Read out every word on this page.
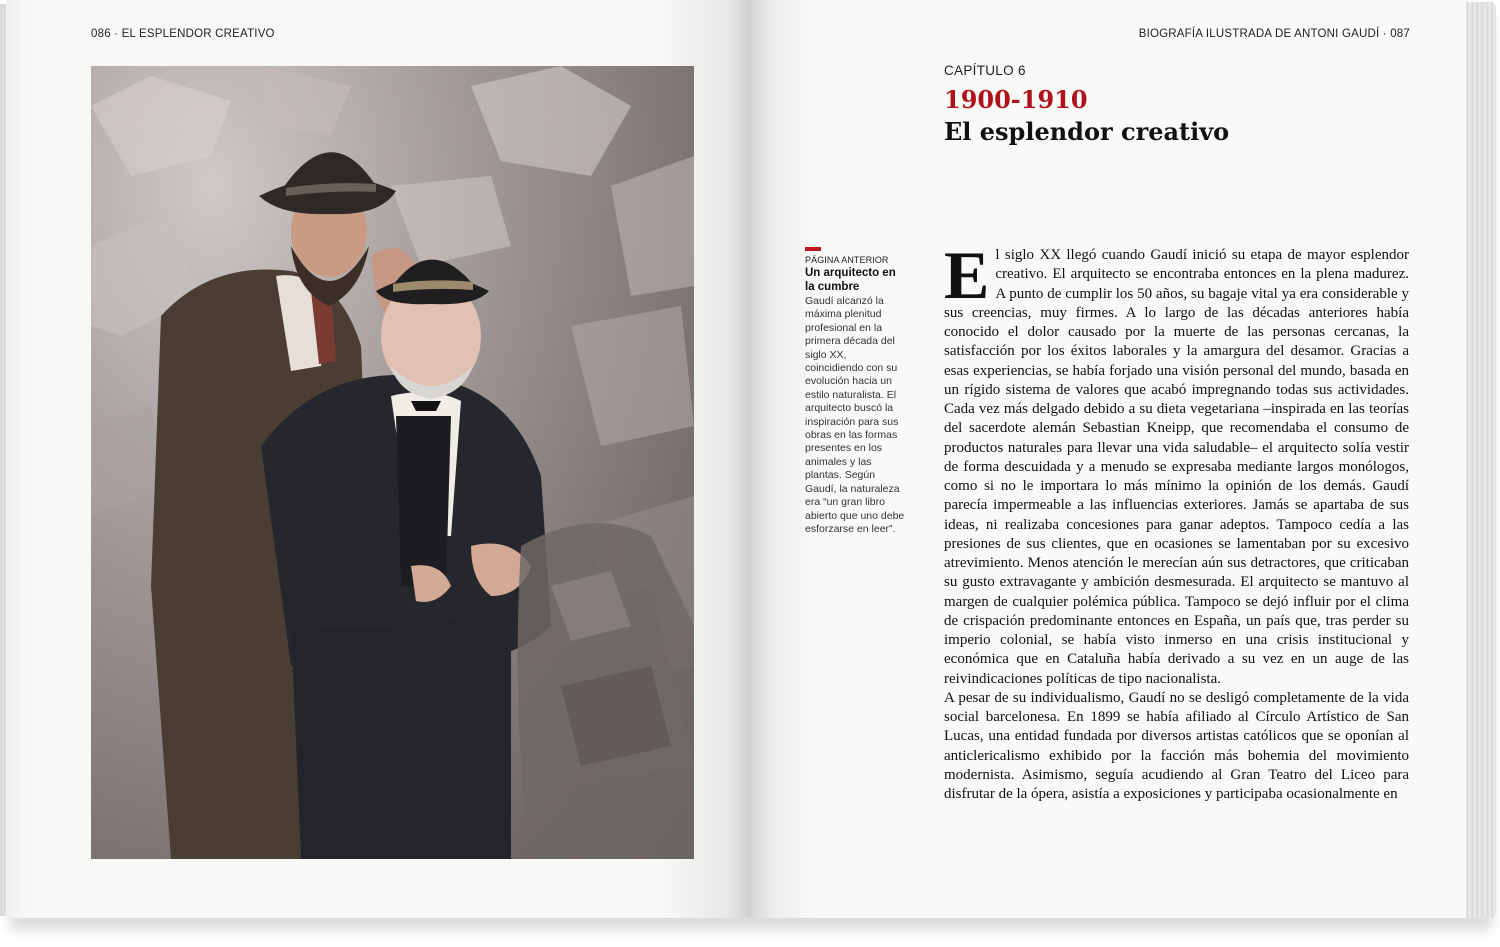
086 · EL ESPLENDOR CREATIVO	BIOGRAFÍA ILUSTRADA DE ANTONI GAUDÍ · 087
PÁGINA ANTERIOR
Un arquitecto en la cumbre
Gaudí alcanzó la máxima plenitud profesional en la primera década del siglo XX, coincidiendo con su evolución hacia un estilo naturalista. El arquitecto buscó la inspiración para sus obras en las formas presentes en los animales y las plantas. Según Gaudí, la naturaleza era “un gran libro abierto que uno debe esforzarse en leer”.
CAPÍTULO 6
1900-1910
El esplendor creativo

El siglo XX llegó cuando Gaudí inició su etapa de mayor esplendor creativo. El arquitecto se encontraba entonces en la plena madurez. A punto de cumplir los 50 años, su bagaje vital ya era considerable y sus creencias, muy firmes. A lo largo de las décadas anteriores había conocido el dolor causado por la muerte de las personas cercanas, la satisfacción por los éxitos laborales y la amargura del desamor. Gracias a esas experiencias, se había forjado una visión personal del mundo, basada en un rígido sistema de valores que acabó impregnando todas sus actividades. Cada vez más delgado debido a su dieta vegetariana –inspirada en las teorías del sacerdote alemán Sebastian Kneipp, que recomendaba el consumo de productos naturales para llevar una vida saludable– el arquitecto solía vestir de forma descuidada y a menudo se expresaba mediante largos monólogos, como si no le importara lo más mínimo la opinión de los demás. Gaudí parecía impermeable a las influencias exteriores. Jamás se apartaba de sus ideas, ni realizaba concesiones para ganar adeptos. Tampoco cedía a las presiones de sus clientes, que en ocasiones se lamentaban por su excesivo atrevimiento. Menos atención le merecían aún sus detractores, que criticaban su gusto extravagante y ambición desmesurada. El arquitecto se mantuvo al margen de cualquier polémica pública. Tampoco se dejó influir por el clima de crispación predominante entonces en España, un país que, tras perder su imperio colonial, se había visto inmerso en una crisis institucional y económica que en Cataluña había derivado a su vez en un auge de las reivindicaciones políticas de tipo nacionalista.

A pesar de su individualismo, Gaudí no se desligó completamente de la vida social barcelonesa. En 1899 se había afiliado al Círculo Artístico de San Lucas, una entidad fundada por diversos artistas católicos que se oponían al anticlericalismo exhibido por la facción más bohemia del movimiento modernista. Asimismo, seguía acudiendo al Gran Teatro del Liceo para disfrutar de la ópera, asistía a exposiciones y participaba ocasionalmente en
